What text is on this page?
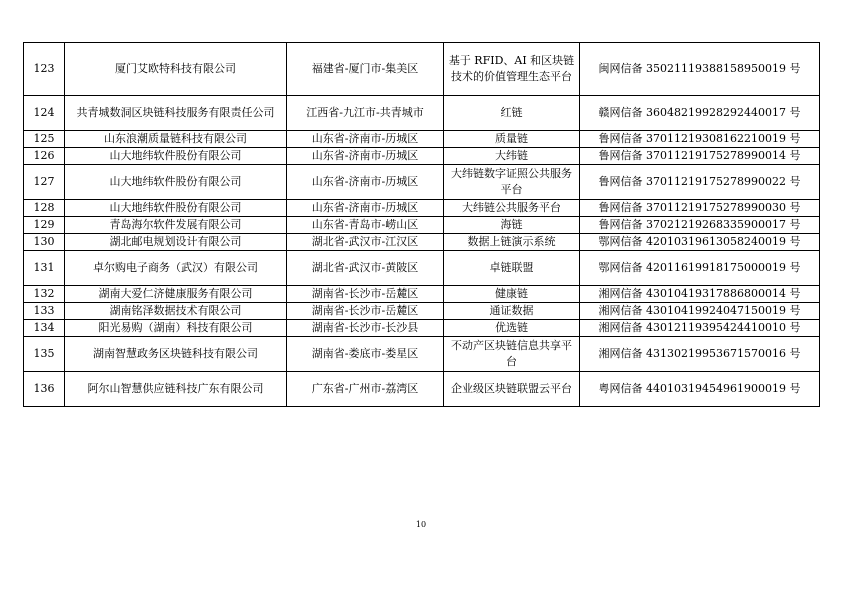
123	厦门艾欧特科技有限公司	福建省-厦门市-集美区	基于 RFID、AI 和区块链技术的价值管理生态平台	闽网信备 35021119388158950019 号
124	共青城数洞区块链科技服务有限责任公司	江西省-九江市-共青城市	红链	赣网信备 36048219928292440017 号
125	山东浪潮质量链科技有限公司	山东省-济南市-历城区	质量链	鲁网信备 37011219308162210019 号
126	山大地纬软件股份有限公司	山东省-济南市-历城区	大纬链	鲁网信备 37011219175278990014 号
127	山大地纬软件股份有限公司	山东省-济南市-历城区	大纬链数字证照公共服务平台	鲁网信备 37011219175278990022 号
128	山大地纬软件股份有限公司	山东省-济南市-历城区	大纬链公共服务平台	鲁网信备 37011219175278990030 号
129	青岛海尔软件发展有限公司	山东省-青岛市-崂山区	海链	鲁网信备 37021219268335900017 号
130	湖北邮电规划设计有限公司	湖北省-武汉市-江汉区	数据上链演示系统	鄂网信备 42010319613058240019 号
131	卓尔购电子商务（武汉）有限公司	湖北省-武汉市-黄陂区	卓链联盟	鄂网信备 42011619918175000019 号
132	湖南大爱仁济健康服务有限公司	湖南省-长沙市-岳麓区	健康链	湘网信备 43010419317886800014 号
133	湖南铭泽数据技术有限公司	湖南省-长沙市-岳麓区	通证数据	湘网信备 43010419924047150019 号
134	阳光易购（湖南）科技有限公司	湖南省-长沙市-长沙县	优选链	湘网信备 43012119395424410010 号
135	湖南智慧政务区块链科技有限公司	湖南省-娄底市-娄星区	不动产区块链信息共享平台	湘网信备 43130219953671570016 号
136	阿尔山智慧供应链科技广东有限公司	广东省-广州市-荔湾区	企业级区块链联盟云平台	粤网信备 44010319454961900019 号
10
